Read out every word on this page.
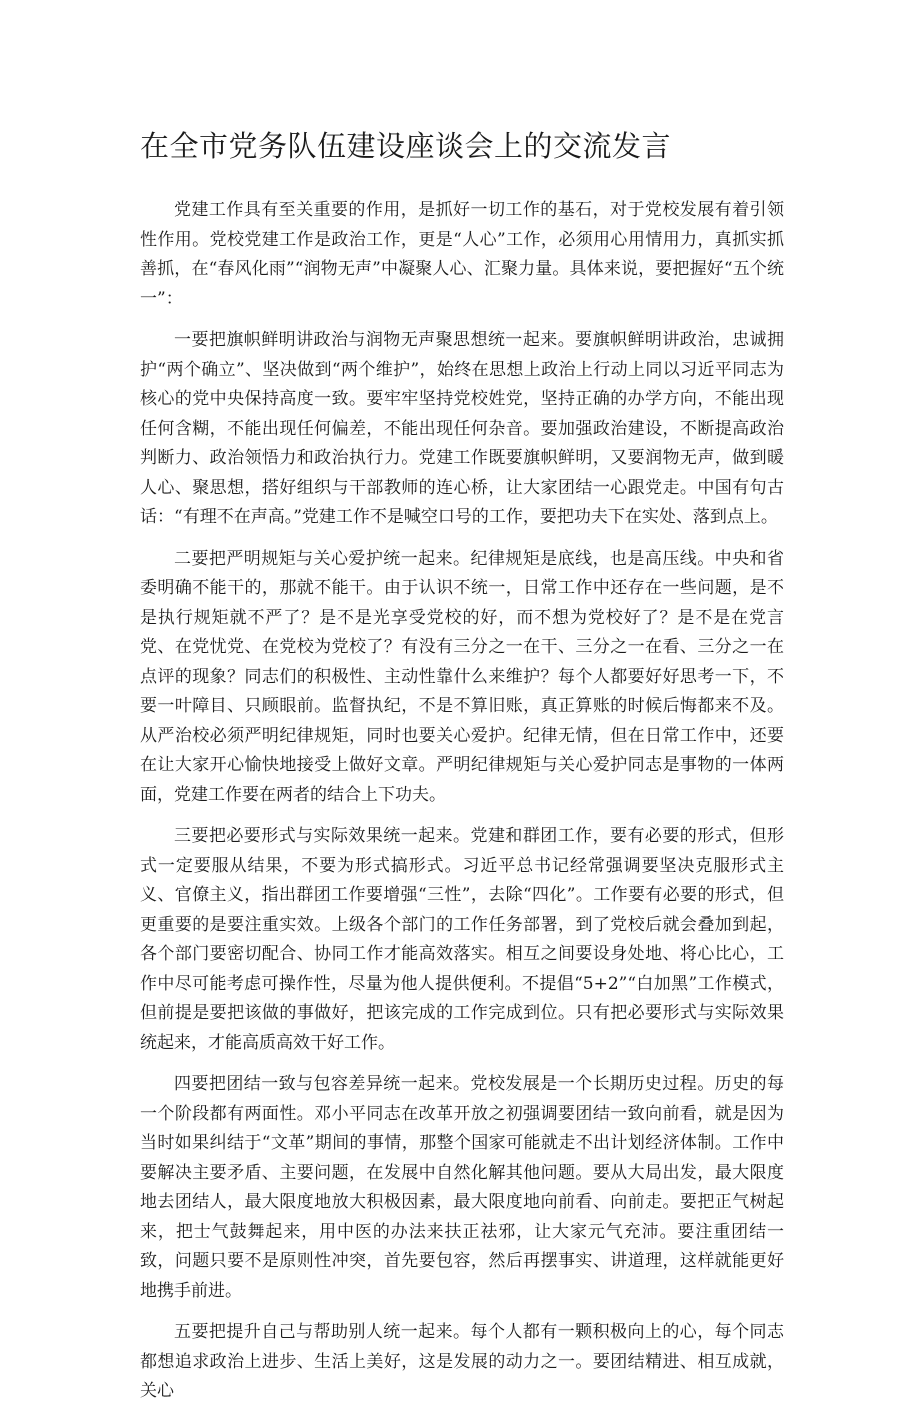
在全市党务队伍建设座谈会上的交流发言

党建工作具有至关重要的作用，是抓好一切工作的基石，对于党校发展有着引领性作用。党校党建工作是政治工作，更是“人心”工作，必须用心用情用力，真抓实抓善抓，在“春风化雨”“润物无声”中凝聚人心、汇聚力量。具体来说，要把握好“五个统一”：

一要把旗帜鲜明讲政治与润物无声聚思想统一起来。要旗帜鲜明讲政治，忠诚拥护“两个确立”、坚决做到“两个维护”，始终在思想上政治上行动上同以习近平同志为核心的党中央保持高度一致。要牢牢坚持党校姓党，坚持正确的办学方向，不能出现任何含糊，不能出现任何偏差，不能出现任何杂音。要加强政治建设，不断提高政治判断力、政治领悟力和政治执行力。党建工作既要旗帜鲜明，又要润物无声，做到暖人心、聚思想，搭好组织与干部教师的连心桥，让大家团结一心跟党走。中国有句古话：“有理不在声高。”党建工作不是喊空口号的工作，要把功夫下在实处、落到点上。

二要把严明规矩与关心爱护统一起来。纪律规矩是底线，也是高压线。中央和省委明确不能干的，那就不能干。由于认识不统一，日常工作中还存在一些问题，是不是执行规矩就不严了？是不是光享受党校的好，而不想为党校好了？是不是在党言党、在党忧党、在党校为党校了？有没有三分之一在干、三分之一在看、三分之一在点评的现象？同志们的积极性、主动性靠什么来维护？每个人都要好好思考一下，不要一叶障目、只顾眼前。监督执纪，不是不算旧账，真正算账的时候后悔都来不及。从严治校必须严明纪律规矩，同时也要关心爱护。纪律无情，但在日常工作中，还要在让大家开心愉快地接受上做好文章。严明纪律规矩与关心爱护同志是事物的一体两面，党建工作要在两者的结合上下功夫。

三要把必要形式与实际效果统一起来。党建和群团工作，要有必要的形式，但形式一定要服从结果，不要为形式搞形式。习近平总书记经常强调要坚决克服形式主义、官僚主义，指出群团工作要增强“三性”，去除“四化”。工作要有必要的形式，但更重要的是要注重实效。上级各个部门的工作任务部署，到了党校后就会叠加到起，各个部门要密切配合、协同工作才能高效落实。相互之间要设身处地、将心比心，工作中尽可能考虑可操作性，尽量为他人提供便利。不提倡“5+2”“白加黑”工作模式，但前提是要把该做的事做好，把该完成的工作完成到位。只有把必要形式与实际效果统起来，才能高质高效干好工作。

四要把团结一致与包容差异统一起来。党校发展是一个长期历史过程。历史的每一个阶段都有两面性。邓小平同志在改革开放之初强调要团结一致向前看，就是因为当时如果纠结于“文革”期间的事情，那整个国家可能就走不出计划经济体制。工作中要解决主要矛盾、主要问题，在发展中自然化解其他问题。要从大局出发，最大限度地去团结人，最大限度地放大积极因素，最大限度地向前看、向前走。要把正气树起来，把士气鼓舞起来，用中医的办法来扶正祛邪，让大家元气充沛。要注重团结一致，问题只要不是原则性冲突，首先要包容，然后再摆事实、讲道理，这样就能更好地携手前进。

五要把提升自己与帮助别人统一起来。每个人都有一颗积极向上的心，每个同志都想追求政治上进步、生活上美好，这是发展的动力之一。要团结精进、相互成就，关心
